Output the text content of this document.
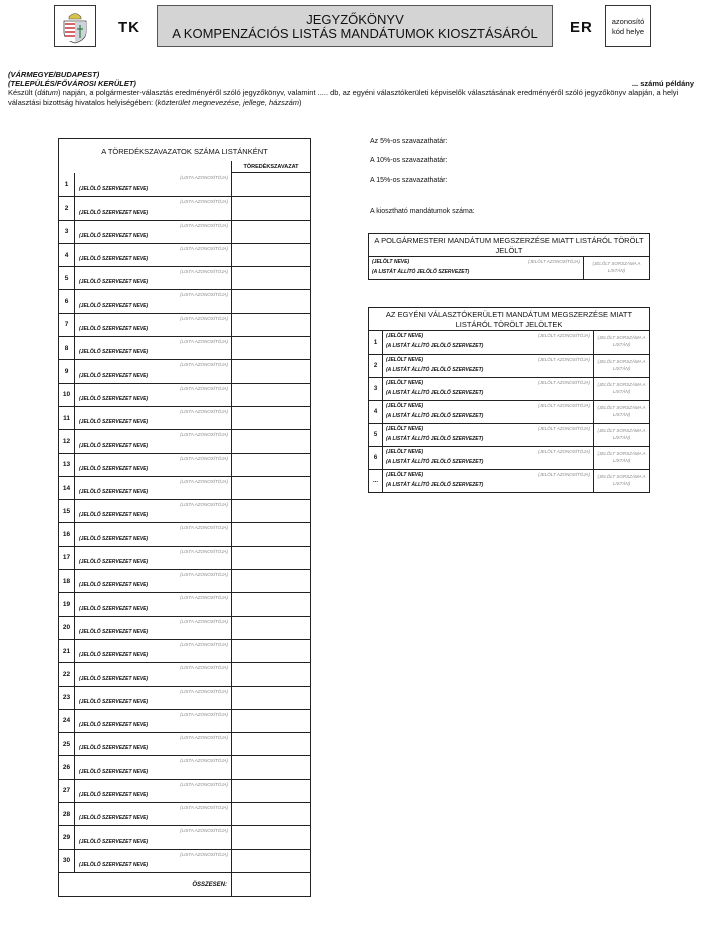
TK	JEGYZŐKÖNYV
A KOMPENZÁCIÓS LISTÁS MANDÁTUMOK KIOSZTÁSÁRÓL	ER	azonosító
kód helye
(VÁRMEGYE/BUDAPEST)
(TELEPÜLÉS/FŐVÁROSI KERÜLET)	... számú példány
Készült (dátum) napján, a polgármester-választás eredményéről szóló jegyzőkönyv, valamint ..... db, az egyéni választókerületi képviselők választásának eredményéről szóló jegyzőkönyv alapján, a helyi választási bizottság hivatalos helyiségében: (közterület megnevezése, jellege, házszám)
A TÖREDÉKSZAVAZATOK SZÁMA LISTÁNKÉNT
TÖREDÉKSZAVAZAT
1
(LISTA AZONOSÍTÓJA)
(JELÖLŐ SZERVEZET NEVE)
2
(LISTA AZONOSÍTÓJA)
(JELÖLŐ SZERVEZET NEVE)
3
(LISTA AZONOSÍTÓJA)
(JELÖLŐ SZERVEZET NEVE)
4
(LISTA AZONOSÍTÓJA)
(JELÖLŐ SZERVEZET NEVE)
5
(LISTA AZONOSÍTÓJA)
(JELÖLŐ SZERVEZET NEVE)
6
(LISTA AZONOSÍTÓJA)
(JELÖLŐ SZERVEZET NEVE)
7
(LISTA AZONOSÍTÓJA)
(JELÖLŐ SZERVEZET NEVE)
8
(LISTA AZONOSÍTÓJA)
(JELÖLŐ SZERVEZET NEVE)
9
(LISTA AZONOSÍTÓJA)
(JELÖLŐ SZERVEZET NEVE)
10
(LISTA AZONOSÍTÓJA)
(JELÖLŐ SZERVEZET NEVE)
11
(LISTA AZONOSÍTÓJA)
(JELÖLŐ SZERVEZET NEVE)
12
(LISTA AZONOSÍTÓJA)
(JELÖLŐ SZERVEZET NEVE)
13
(LISTA AZONOSÍTÓJA)
(JELÖLŐ SZERVEZET NEVE)
14
(LISTA AZONOSÍTÓJA)
(JELÖLŐ SZERVEZET NEVE)
15
(LISTA AZONOSÍTÓJA)
(JELÖLŐ SZERVEZET NEVE)
16
(LISTA AZONOSÍTÓJA)
(JELÖLŐ SZERVEZET NEVE)
17
(LISTA AZONOSÍTÓJA)
(JELÖLŐ SZERVEZET NEVE)
18
(LISTA AZONOSÍTÓJA)
(JELÖLŐ SZERVEZET NEVE)
19
(LISTA AZONOSÍTÓJA)
(JELÖLŐ SZERVEZET NEVE)
20
(LISTA AZONOSÍTÓJA)
(JELÖLŐ SZERVEZET NEVE)
21
(LISTA AZONOSÍTÓJA)
(JELÖLŐ SZERVEZET NEVE)
22
(LISTA AZONOSÍTÓJA)
(JELÖLŐ SZERVEZET NEVE)
23
(LISTA AZONOSÍTÓJA)
(JELÖLŐ SZERVEZET NEVE)
24
(LISTA AZONOSÍTÓJA)
(JELÖLŐ SZERVEZET NEVE)
25
(LISTA AZONOSÍTÓJA)
(JELÖLŐ SZERVEZET NEVE)
26
(LISTA AZONOSÍTÓJA)
(JELÖLŐ SZERVEZET NEVE)
27
(LISTA AZONOSÍTÓJA)
(JELÖLŐ SZERVEZET NEVE)
28
(LISTA AZONOSÍTÓJA)
(JELÖLŐ SZERVEZET NEVE)
29
(LISTA AZONOSÍTÓJA)
(JELÖLŐ SZERVEZET NEVE)
30
(LISTA AZONOSÍTÓJA)
(JELÖLŐ SZERVEZET NEVE)
ÖSSZESEN:
Az 5%-os szavazathatár:
A 10%-os szavazathatár:
A 15%-os szavazathatár:
A kiosztható mandátumok száma:
A POLGÁRMESTERI MANDÁTUM MEGSZERZÉSE MIATT LISTÁRÓL TÖRÖLT JELÖLT
(JELÖLT NEVE)	(JELÖLT AZONOSÍTÓJA)
(A LISTÁT ÁLLÍTÓ JELÖLŐ SZERVEZET)
(JELÖLT SORSZÁMA A
LISTÁN)
AZ EGYÉNI VÁLASZTÓKERÜLETI MANDÁTUM MEGSZERZÉSE MIATT LISTÁRÓL TÖRÖLT JELÖLTEK
1
(JELÖLT NEVE)	(JELÖLT AZONOSÍTÓJA)
(A LISTÁT ÁLLÍTÓ JELÖLŐ SZERVEZET)
(JELÖLT SORSZÁMA A
LISTÁN)
2
(JELÖLT NEVE)	(JELÖLT AZONOSÍTÓJA)
(A LISTÁT ÁLLÍTÓ JELÖLŐ SZERVEZET)
(JELÖLT SORSZÁMA A
LISTÁN)
3
(JELÖLT NEVE)	(JELÖLT AZONOSÍTÓJA)
(A LISTÁT ÁLLÍTÓ JELÖLŐ SZERVEZET)
(JELÖLT SORSZÁMA A
LISTÁN)
4
(JELÖLT NEVE)	(JELÖLT AZONOSÍTÓJA)
(A LISTÁT ÁLLÍTÓ JELÖLŐ SZERVEZET)
(JELÖLT SORSZÁMA A
LISTÁN)
5
(JELÖLT NEVE)	(JELÖLT AZONOSÍTÓJA)
(A LISTÁT ÁLLÍTÓ JELÖLŐ SZERVEZET)
(JELÖLT SORSZÁMA A
LISTÁN)
6
(JELÖLT NEVE)	(JELÖLT AZONOSÍTÓJA)
(A LISTÁT ÁLLÍTÓ JELÖLŐ SZERVEZET)
(JELÖLT SORSZÁMA A
LISTÁN)
...
(JELÖLT NEVE)	(JELÖLT AZONOSÍTÓJA)
(A LISTÁT ÁLLÍTÓ JELÖLŐ SZERVEZET)
(JELÖLT SORSZÁMA A
LISTÁN)
